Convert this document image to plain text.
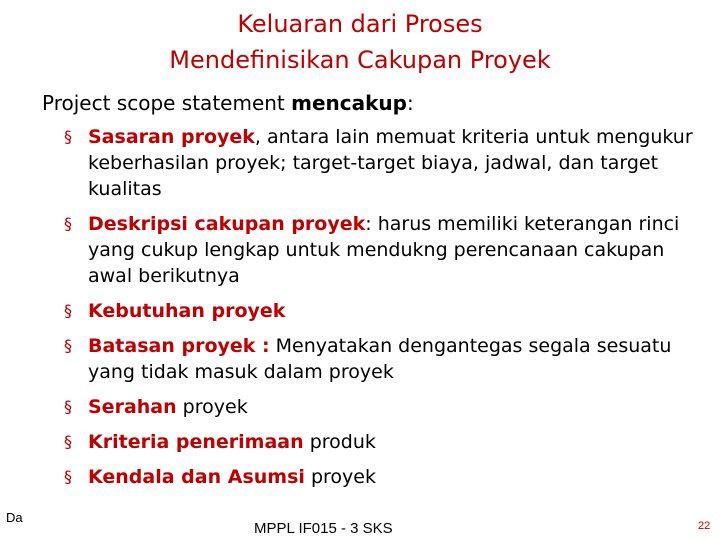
Keluaran dari Proses
Mendefinisikan Cakupan Proyek
Project scope statement mencakup:
§ Sasaran proyek, antara lain memuat kriteria untuk mengukur keberhasilan proyek; target-target biaya, jadwal, dan target kualitas
§ Deskripsi cakupan proyek: harus memiliki keterangan rinci yang cukup lengkap untuk mendukng perencanaan cakupan awal berikutnya
§ Kebutuhan proyek
§ Batasan proyek : Menyatakan dengantegas segala sesuatu yang tidak masuk dalam proyek
§ Serahan proyek
§ Kriteria penerimaan produk
§ Kendala dan Asumsi proyek
Da
MPPL IF015 - 3 SKS	22
